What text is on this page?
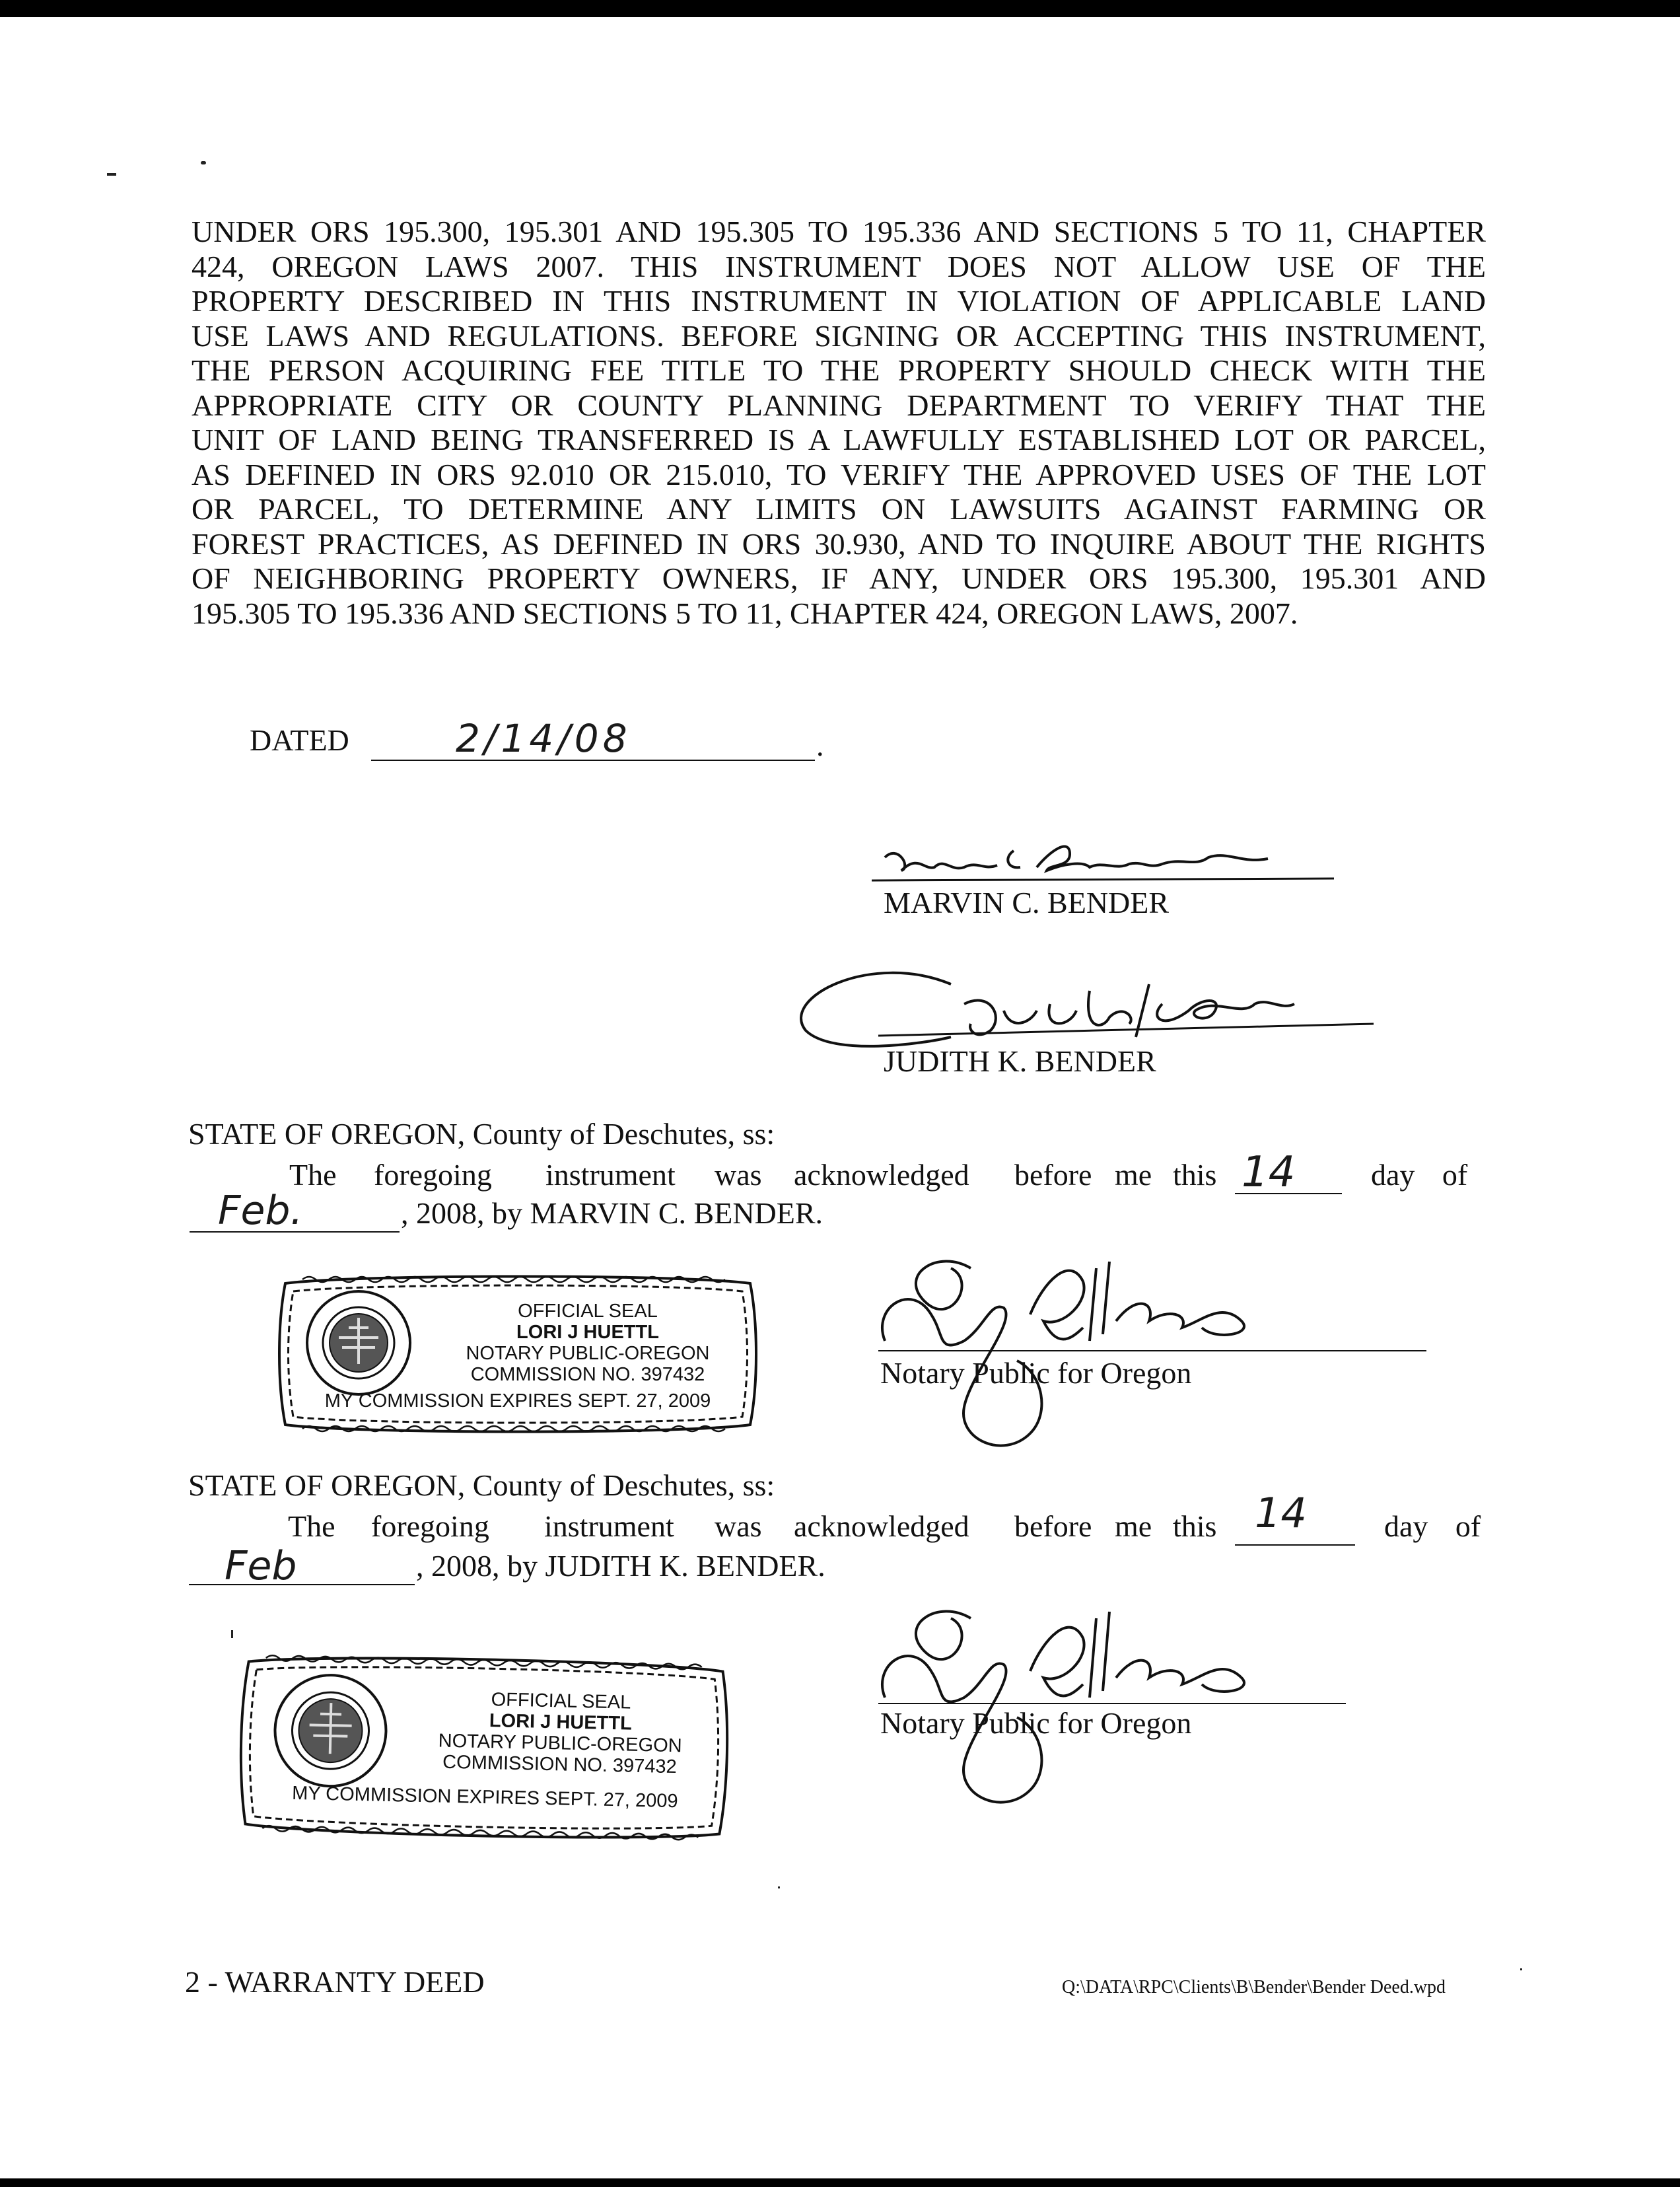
UNDER ORS 195.300, 195.301 AND 195.305 TO 195.336 AND SECTIONS 5 TO 11, CHAPTER
424, OREGON LAWS 2007. THIS INSTRUMENT DOES NOT ALLOW USE OF THE
PROPERTY DESCRIBED IN THIS INSTRUMENT IN VIOLATION OF APPLICABLE LAND
USE LAWS AND REGULATIONS. BEFORE SIGNING OR ACCEPTING THIS INSTRUMENT,
THE PERSON ACQUIRING FEE TITLE TO THE PROPERTY SHOULD CHECK WITH THE
APPROPRIATE CITY OR COUNTY PLANNING DEPARTMENT TO VERIFY THAT THE
UNIT OF LAND BEING TRANSFERRED IS A LAWFULLY ESTABLISHED LOT OR PARCEL,
AS DEFINED IN ORS 92.010 OR 215.010, TO VERIFY THE APPROVED USES OF THE LOT
OR PARCEL, TO DETERMINE ANY LIMITS ON LAWSUITS AGAINST FARMING OR
FOREST PRACTICES, AS DEFINED IN ORS 30.930, AND TO INQUIRE ABOUT THE RIGHTS
OF NEIGHBORING PROPERTY OWNERS, IF ANY, UNDER ORS 195.300, 195.301 AND
195.305 TO 195.336 AND SECTIONS 5 TO 11, CHAPTER 424, OREGON LAWS, 2007.
DATED	2/14/08	.
MARVIN C. BENDER
JUDITH K. BENDER
STATE OF OREGON, County of Deschutes, ss:
The foregoing instrument was acknowledged before me this 14 day of
Feb.	, 2008, by MARVIN C. BENDER.
OFFICIAL SEAL
LORI J HUETTL
NOTARY PUBLIC-OREGON
COMMISSION NO. 397432
MY COMMISSION EXPIRES SEPT. 27, 2009
Notary Public for Oregon
STATE OF OREGON, County of Deschutes, ss:
The foregoing instrument was acknowledged before me this 14	day of
Feb	, 2008, by JUDITH K. BENDER.
OFFICIAL SEAL
LORI J HUETTL
NOTARY PUBLIC-OREGON
COMMISSION NO. 397432
MY COMMISSION EXPIRES SEPT. 27, 2009
Notary Public for Oregon
2 - WARRANTY DEED	Q:\DATA\RPC\Clients\B\Bender\Bender Deed.wpd
